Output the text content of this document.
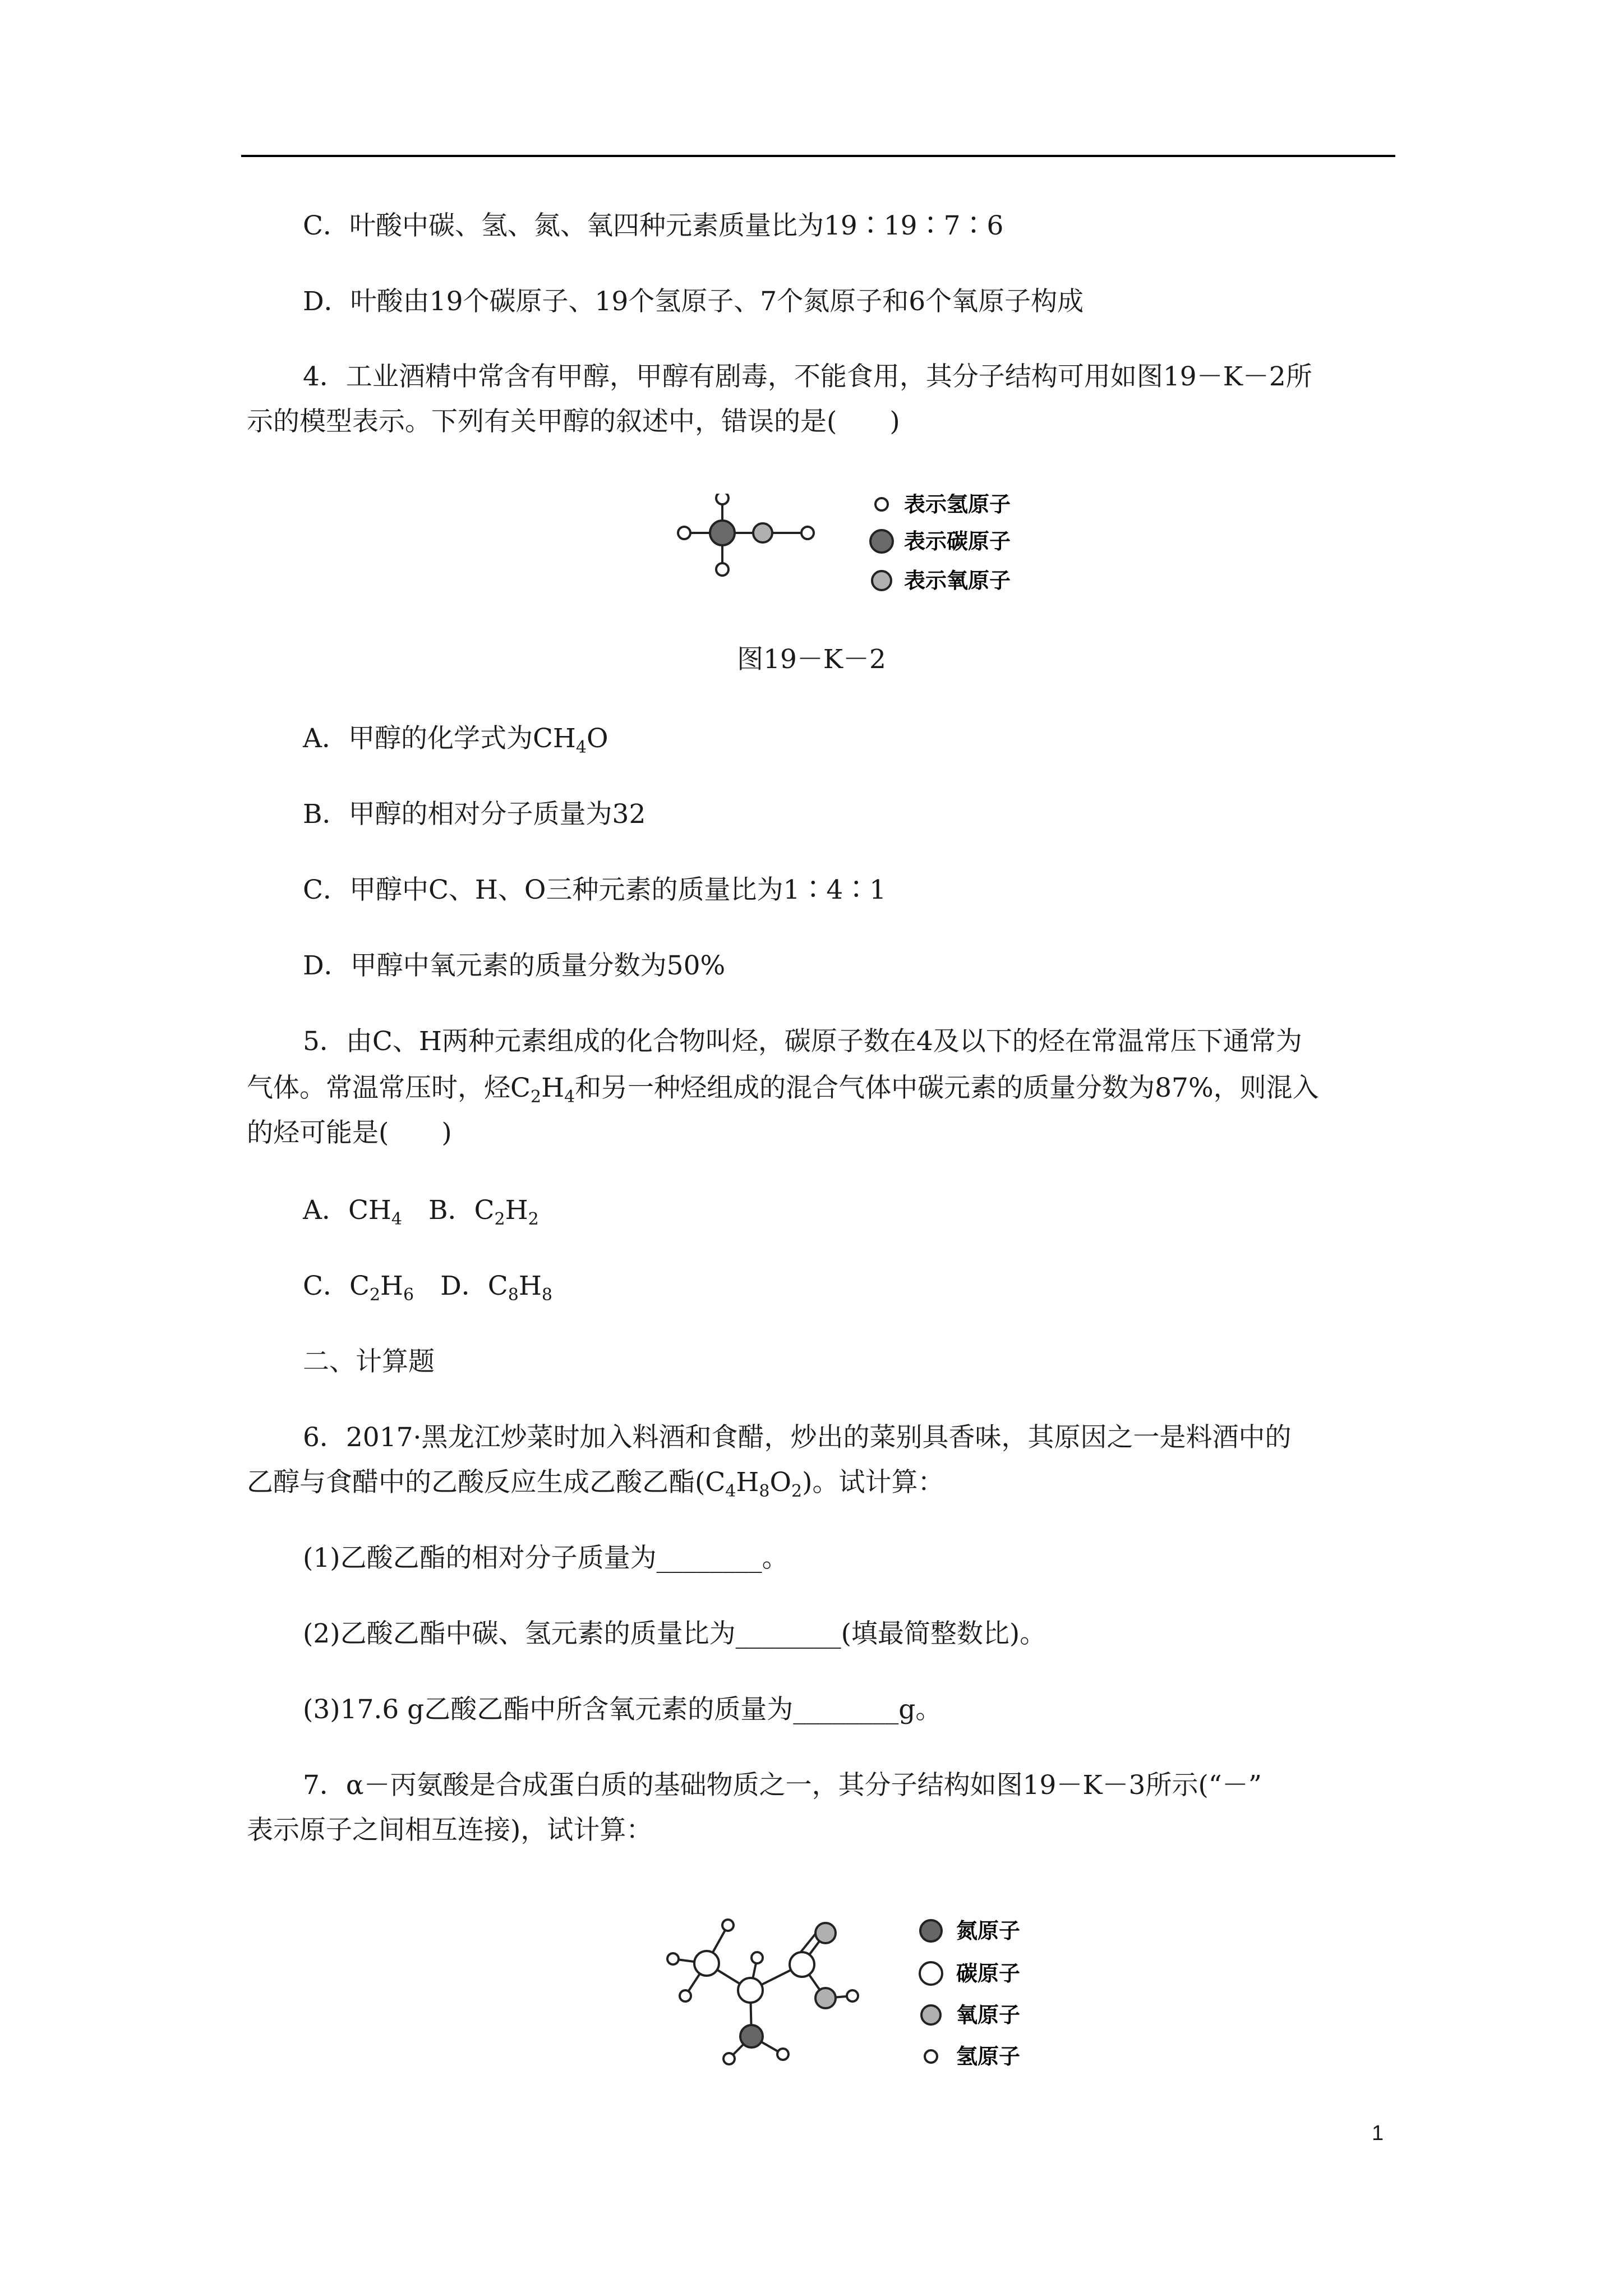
C．叶酸中碳、氢、氮、氧四种元素质量比为19∶19∶7∶6
D．叶酸由19个碳原子、19个氢原子、7个氮原子和6个氧原子构成
4．工业酒精中常含有甲醇，甲醇有剧毒，不能食用，其分子结构可用如图19－K－2所
示的模型表示。下列有关甲醇的叙述中，错误的是(　　)
表示氢原子
表示碳原子
表示氧原子
图19－K－2
A．甲醇的化学式为$CH_4O$
B．甲醇的相对分子质量为32
C．甲醇中C、H、O三种元素的质量比为1∶4∶1
D．甲醇中氧元素的质量分数为50%
5．由C、H两种元素组成的化合物叫烃，碳原子数在4及以下的烃在常温常压下通常为
气体。常温常压时，烃$C_2H_4$和另一种烃组成的混合气体中碳元素的质量分数为87%，则混入
的烃可能是(　　)
A．$CH_4$　B．$C_2H_2$
C．$C_2H_6$　D．$C_8H_8$
二、计算题
6．2017·黑龙江炒菜时加入料酒和食醋，炒出的菜别具香味，其原因之一是料酒中的
乙醇与食醋中的乙酸反应生成乙酸乙酯$(C_4H_8O_2)$。试计算：
(1)乙酸乙酯的相对分子质量为________。
(2)乙酸乙酯中碳、氢元素的质量比为________(填最简整数比)。
(3)17.6 g乙酸乙酯中所含氧元素的质量为________g。
7．α－丙氨酸是合成蛋白质的基础物质之一，其分子结构如图19－K－3所示(“－”
表示原子之间相互连接)，试计算：
氮原子
碳原子
氧原子
氢原子
1
